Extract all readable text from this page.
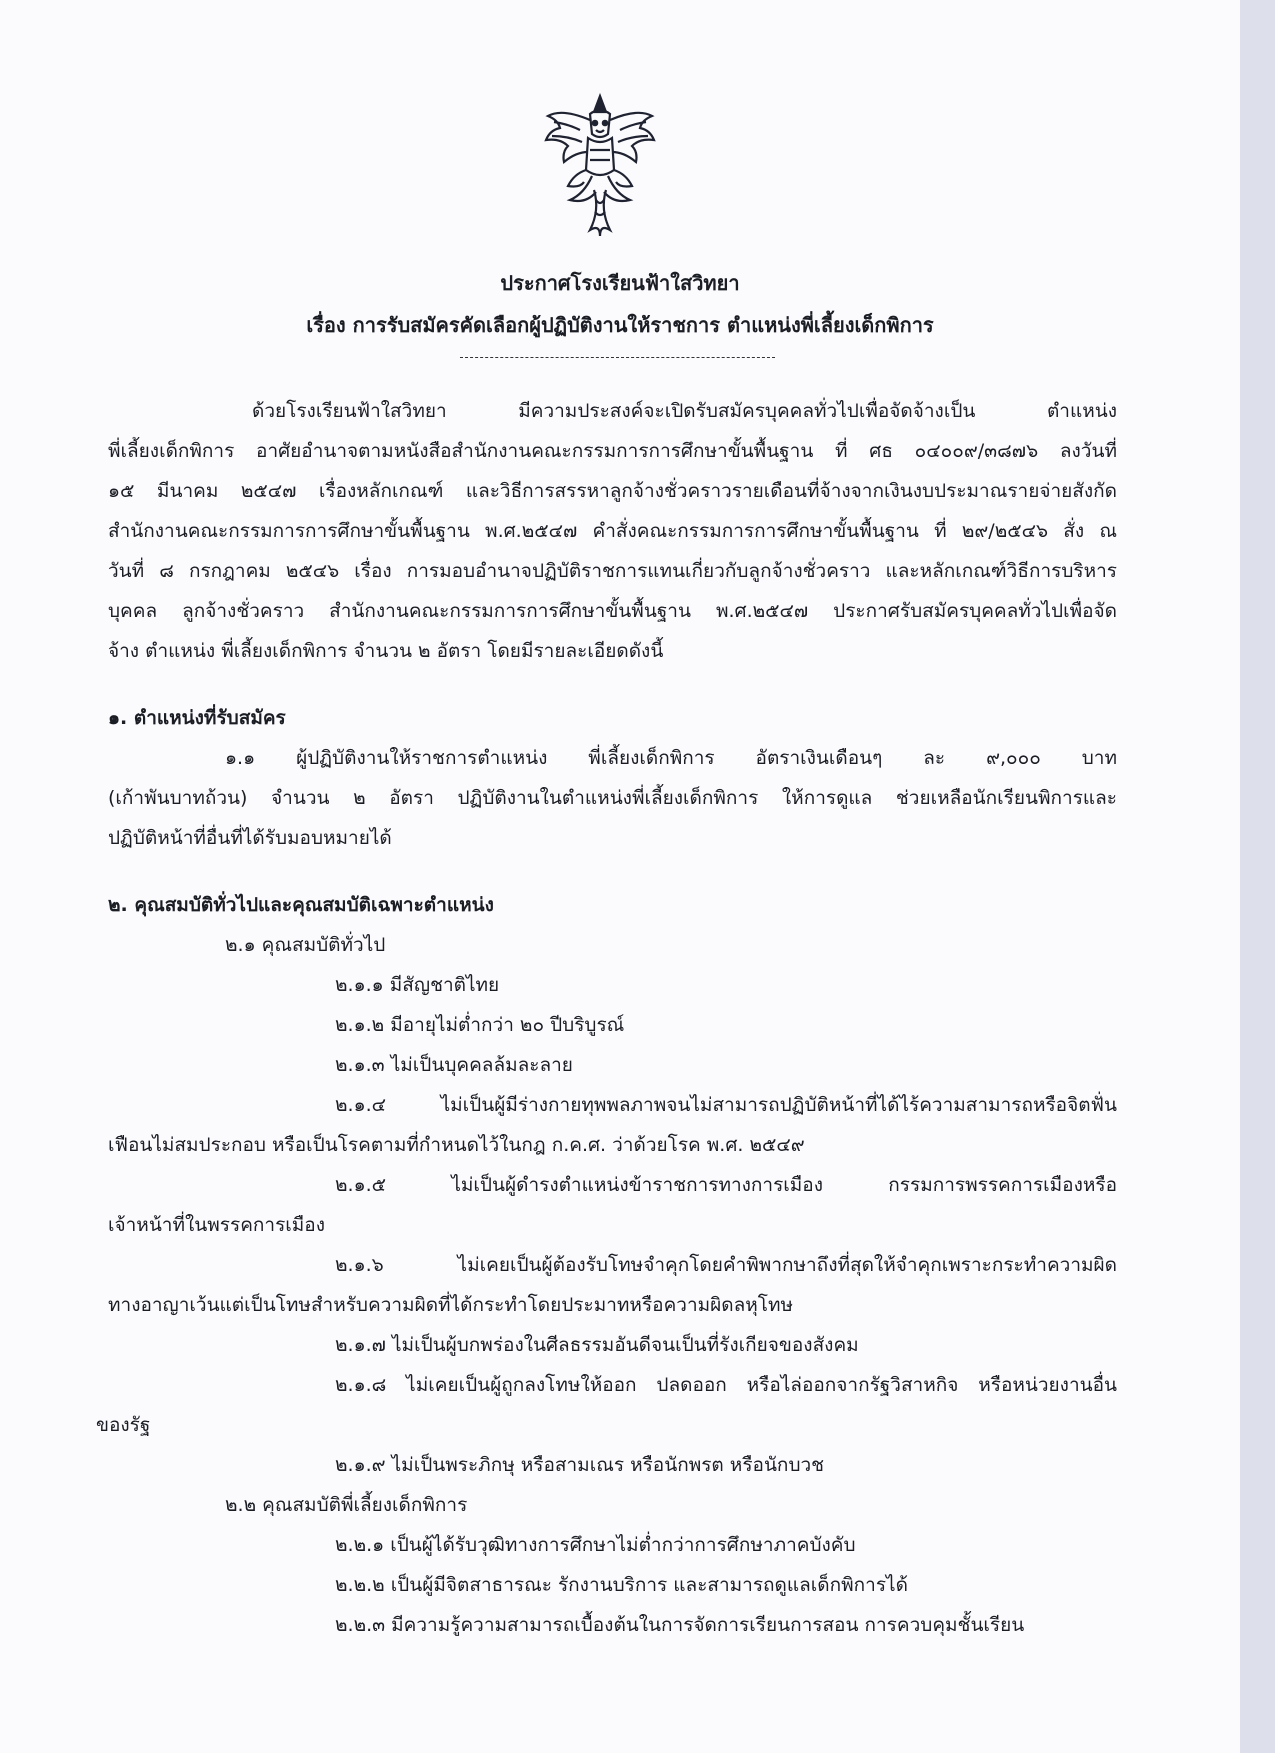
ประกาศโรงเรียนฟ้าใสวิทยา
เรื่อง การรับสมัครคัดเลือกผู้ปฏิบัติงานให้ราชการ ตำแหน่งพี่เลี้ยงเด็กพิการ
ด้วยโรงเรียนฟ้าใสวิทยา มีความประสงค์จะเปิดรับสมัครบุคคลทั่วไปเพื่อจัดจ้างเป็น ตำแหน่ง
พี่เลี้ยงเด็กพิการ อาศัยอำนาจตามหนังสือสำนักงานคณะกรรมการการศึกษาขั้นพื้นฐาน ที่ ศธ ๐๔๐๐๙/๓๘๗๖ ลงวันที่
๑๕ มีนาคม ๒๕๔๗ เรื่องหลักเกณฑ์ และวิธีการสรรหาลูกจ้างชั่วคราวรายเดือนที่จ้างจากเงินงบประมาณรายจ่ายสังกัด
สำนักงานคณะกรรมการการศึกษาขั้นพื้นฐาน พ.ศ.๒๕๔๗ คำสั่งคณะกรรมการการศึกษาขั้นพื้นฐาน ที่ ๒๙/๒๕๔๖ สั่ง ณ
วันที่ ๘ กรกฎาคม ๒๕๔๖ เรื่อง การมอบอำนาจปฏิบัติราชการแทนเกี่ยวกับลูกจ้างชั่วคราว และหลักเกณฑ์วิธีการบริหาร
บุคคล ลูกจ้างชั่วคราว สำนักงานคณะกรรมการการศึกษาขั้นพื้นฐาน พ.ศ.๒๕๔๗ ประกาศรับสมัครบุคคลทั่วไปเพื่อจัด
จ้าง ตำแหน่ง พี่เลี้ยงเด็กพิการ จำนวน ๒ อัตรา โดยมีรายละเอียดดังนี้
๑. ตำแหน่งที่รับสมัคร
๑.๑ ผู้ปฏิบัติงานให้ราชการตำแหน่ง พี่เลี้ยงเด็กพิการ อัตราเงินเดือนๆ ละ ๙,๐๐๐ บาท
(เก้าพันบาทถ้วน) จำนวน ๒ อัตรา ปฏิบัติงานในตำแหน่งพี่เลี้ยงเด็กพิการ ให้การดูแล ช่วยเหลือนักเรียนพิการและ
ปฏิบัติหน้าที่อื่นที่ได้รับมอบหมายได้
๒. คุณสมบัติทั่วไปและคุณสมบัติเฉพาะตำแหน่ง
๒.๑ คุณสมบัติทั่วไป
๒.๑.๑ มีสัญชาติไทย
๒.๑.๒ มีอายุไม่ต่ำกว่า ๒๐ ปีบริบูรณ์
๒.๑.๓ ไม่เป็นบุคคลล้มละลาย
๒.๑.๔ ไม่เป็นผู้มีร่างกายทุพพลภาพจนไม่สามารถปฏิบัติหน้าที่ได้ไร้ความสามารถหรือจิตฟั่น
เฟือนไม่สมประกอบ หรือเป็นโรคตามที่กำหนดไว้ในกฎ ก.ค.ศ. ว่าด้วยโรค พ.ศ. ๒๕๔๙
๒.๑.๕ ไม่เป็นผู้ดำรงตำแหน่งข้าราชการทางการเมือง กรรมการพรรคการเมืองหรือ
เจ้าหน้าที่ในพรรคการเมือง
๒.๑.๖ ไม่เคยเป็นผู้ต้องรับโทษจำคุกโดยคำพิพากษาถึงที่สุดให้จำคุกเพราะกระทำความผิด
ทางอาญาเว้นแต่เป็นโทษสำหรับความผิดที่ได้กระทำโดยประมาทหรือความผิดลหุโทษ
๒.๑.๗ ไม่เป็นผู้บกพร่องในศีลธรรมอันดีจนเป็นที่รังเกียจของสังคม
๒.๑.๘ ไม่เคยเป็นผู้ถูกลงโทษให้ออก ปลดออก หรือไล่ออกจากรัฐวิสาหกิจ หรือหน่วยงานอื่น
ของรัฐ
๒.๑.๙ ไม่เป็นพระภิกษุ หรือสามเณร หรือนักพรต หรือนักบวช
๒.๒ คุณสมบัติพี่เลี้ยงเด็กพิการ
๒.๒.๑ เป็นผู้ได้รับวุฒิทางการศึกษาไม่ต่ำกว่าการศึกษาภาคบังคับ
๒.๒.๒ เป็นผู้มีจิตสาธารณะ รักงานบริการ และสามารถดูแลเด็กพิการได้
๒.๒.๓ มีความรู้ความสามารถเบื้องต้นในการจัดการเรียนการสอน การควบคุมชั้นเรียน
